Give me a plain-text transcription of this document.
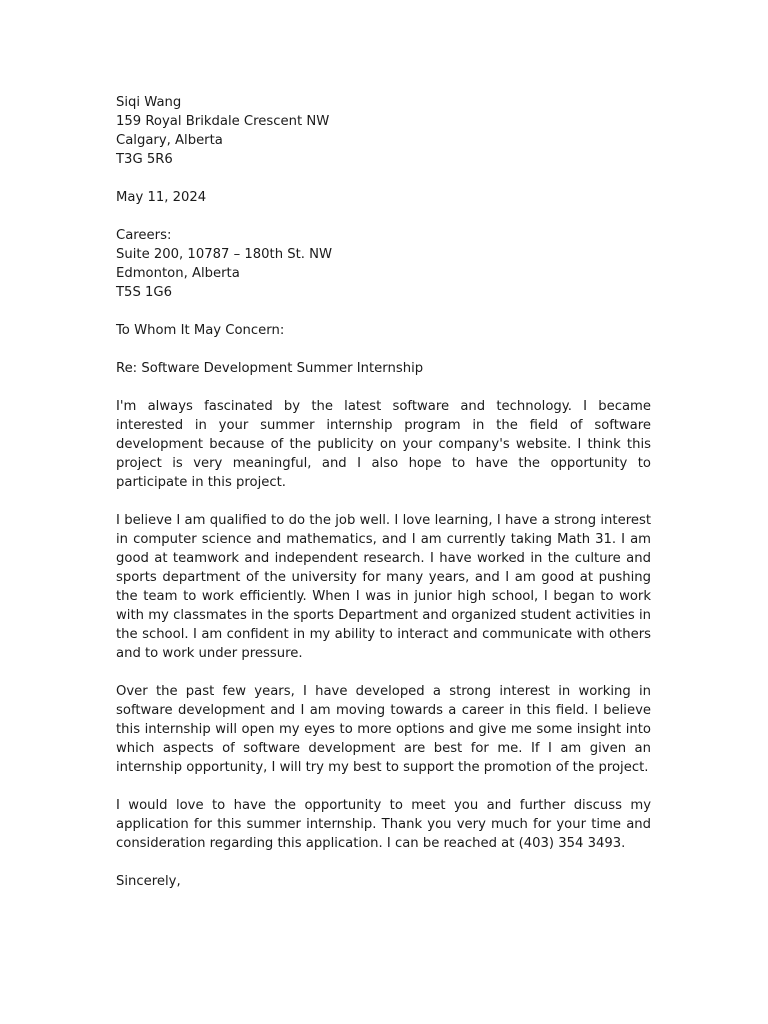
Siqi Wang
159 Royal Brikdale Crescent NW
Calgary, Alberta
T3G 5R6
May 11, 2024
Careers:
Suite 200, 10787 – 180th St. NW
Edmonton, Alberta
T5S 1G6
To Whom It May Concern:
Re: Software Development Summer Internship

I'm always fascinated by the latest software and technology. I became interested in your summer internship program in the field of software development because of the publicity on your company's website. I think this project is very meaningful, and I also hope to have the opportunity to participate in this project.

I believe I am qualified to do the job well. I love learning, I have a strong interest in computer science and mathematics, and I am currently taking Math 31. I am good at teamwork and independent research. I have worked in the culture and sports department of the university for many years, and I am good at pushing the team to work efficiently. When I was in junior high school, I began to work with my classmates in the sports Department and organized student activities in the school. I am confident in my ability to interact and communicate with others and to work under pressure.

Over the past few years, I have developed a strong interest in working in software development and I am moving towards a career in this field. I believe this internship will open my eyes to more options and give me some insight into which aspects of software development are best for me. If I am given an internship opportunity, I will try my best to support the promotion of the project.

I would love to have the opportunity to meet you and further discuss my application for this summer internship. Thank you very much for your time and consideration regarding this application. I can be reached at (403) 354 3493.

Sincerely,
